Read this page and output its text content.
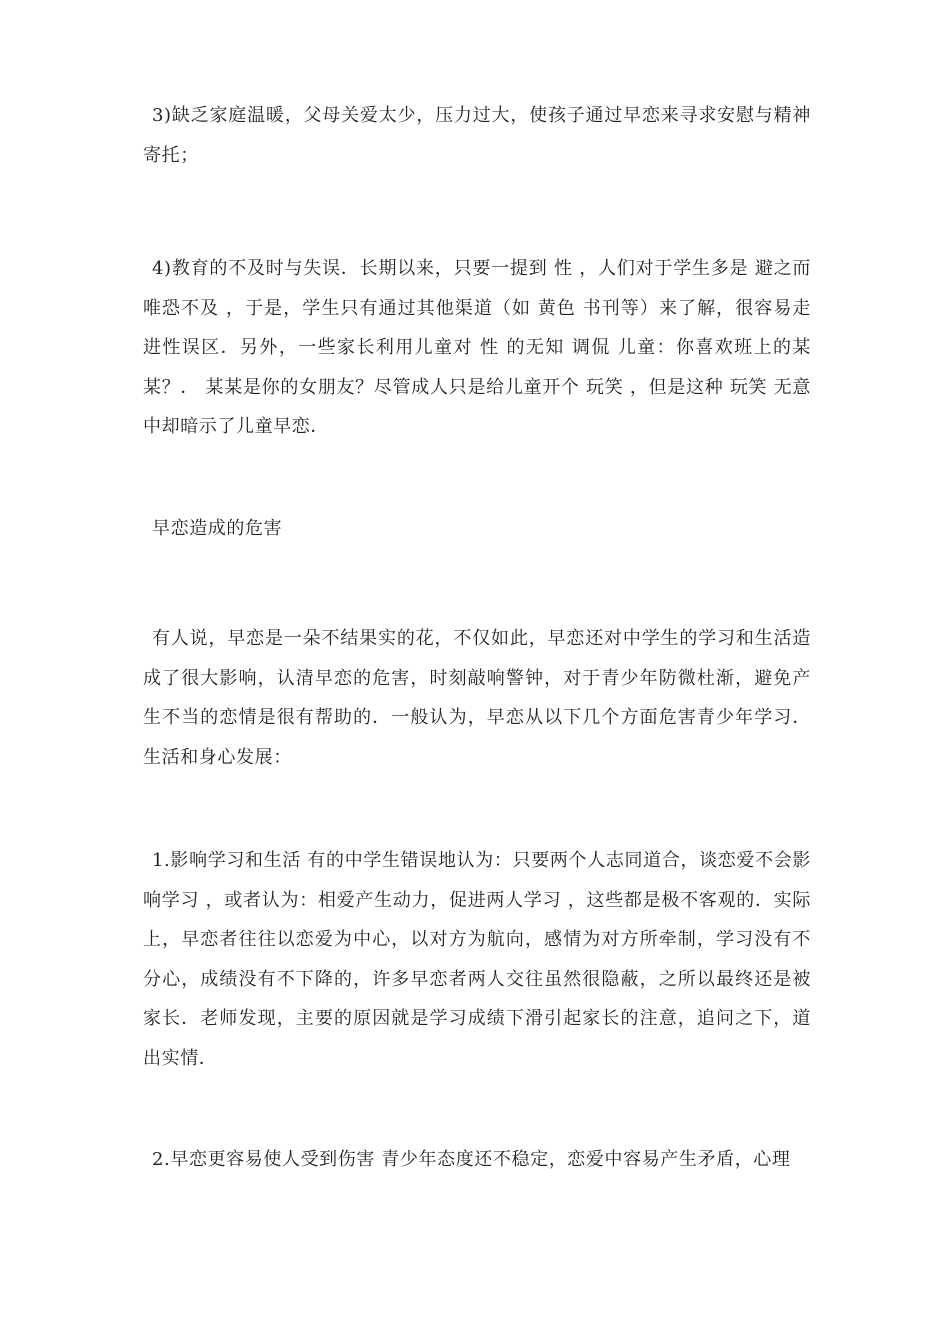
3)缺乏家庭温暖，父母关爱太少，压力过大，使孩子通过早恋来寻求安慰与精神寄托；

4)教育的不及时与失误．长期以来，只要一提到 性 ，人们对于学生多是 避之而唯恐不及 ，于是，学生只有通过其他渠道（如 黄色 书刊等）来了解，很容易走进性误区．另外，一些家长利用儿童对 性 的无知 调侃 儿童：你喜欢班上的某某？． 某某是你的女朋友？尽管成人只是给儿童开个 玩笑 ，但是这种 玩笑 无意中却暗示了儿童早恋．

早恋造成的危害

有人说，早恋是一朵不结果实的花，不仅如此，早恋还对中学生的学习和生活造成了很大影响，认清早恋的危害，时刻敲响警钟，对于青少年防微杜渐，避免产生不当的恋情是很有帮助的．一般认为，早恋从以下几个方面危害青少年学习．生活和身心发展：

1.影响学习和生活 有的中学生错误地认为：只要两个人志同道合，谈恋爱不会影响学习 ，或者认为：相爱产生动力，促进两人学习 ，这些都是极不客观的．实际上，早恋者往往以恋爱为中心，以对方为航向，感情为对方所牵制，学习没有不分心，成绩没有不下降的，许多早恋者两人交往虽然很隐蔽，之所以最终还是被家长．老师发现，主要的原因就是学习成绩下滑引起家长的注意，追问之下，道出实情．

2.早恋更容易使人受到伤害 青少年态度还不稳定，恋爱中容易产生矛盾，心理
